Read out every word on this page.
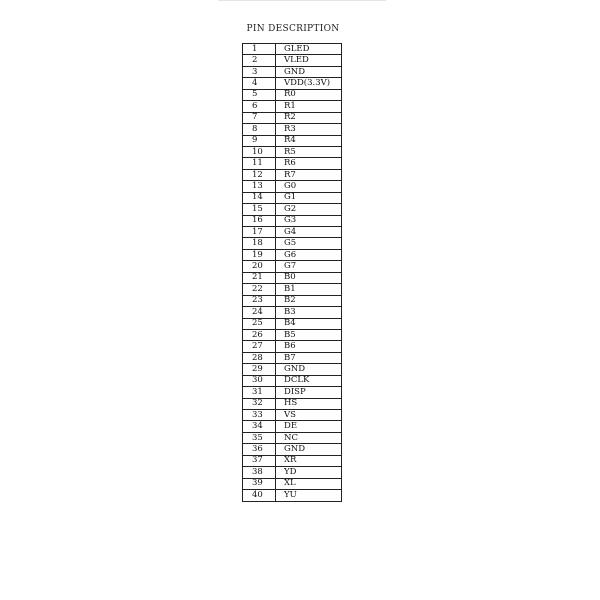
PIN DESCRIPTION
1	GLED
2	VLED
3	GND
4	VDD(3.3V)
5	R0
6	R1
7	R2
8	R3
9	R4
10	R5
11	R6
12	R7
13	G0
14	G1
15	G2
16	G3
17	G4
18	G5
19	G6
20	G7
21	B0
22	B1
23	B2
24	B3
25	B4
26	B5
27	B6
28	B7
29	GND
30	DCLK
31	DISP
32	HS
33	VS
34	DE
35	NC
36	GND
37	XR
38	YD
39	XL
40	YU
